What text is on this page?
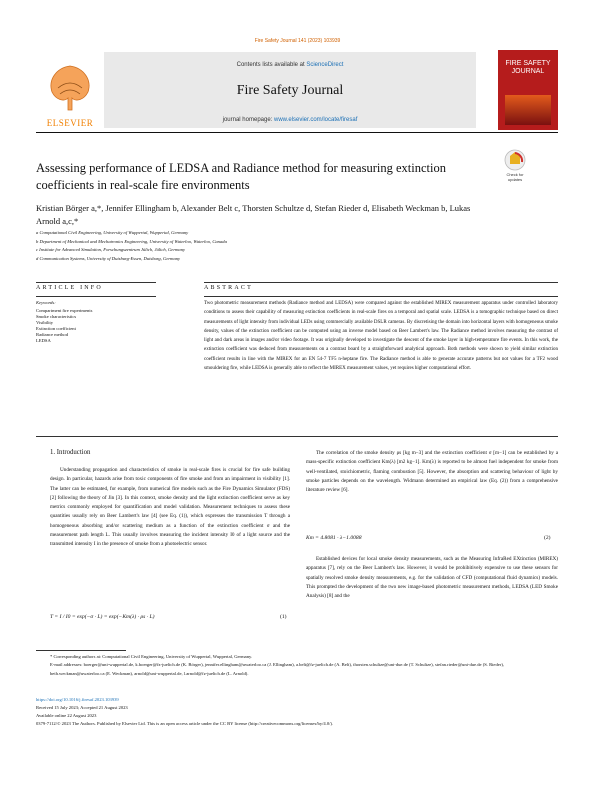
Fire Safety Journal 141 (2023) 103939
ELSEVIER
Contents lists available at ScienceDirect
Fire Safety Journal
journal homepage: www.elsevier.com/locate/firesaf
FIRE SAFETY JOURNAL
Assessing performance of LEDSA and Radiance method for measuring extinction coefficients in real-scale fire environments
Check for
updates
Kristian Börger a,*, Jennifer Ellingham b, Alexander Belt c, Thorsten Schultze d, Stefan Rieder d, Elisabeth Weckman b, Lukas Arnold a,c,*
a Computational Civil Engineering, University of Wuppertal, Wuppertal, Germany
b Department of Mechanical and Mechatronics Engineering, University of Waterloo, Waterloo, Canada
c Institute for Advanced Simulation, Forschungszentrum Jülich, Jülich, Germany
d Communication Systems, University of Duisburg-Essen, Duisburg, Germany
ARTICLE INFO	ABSTRACT
Keywords:
Compartment fire experiments
Smoke characteristics
Visibility
Extinction coefficient
Radiance method
LEDSA
Two photometric measurement methods (Radiance method and LEDSA) were compared against the established MIREX measurement apparatus under controlled laboratory conditions to assess their capability of measuring extinction coefficients in real-scale fires on a temporal and spatial scale. LEDSA is a tomographic technique based on direct measurements of light intensity from individual LEDs using commercially available DSLR cameras. By discretising the domain into horizontal layers with homogeneous smoke density, values of the extinction coefficient can be computed using an inverse model based on Beer Lambert's law. The Radiance method involves measuring the contrast of light and dark areas in images and/or video footage. It was originally developed to investigate the descent of the smoke layer in high-temperature fire events. In this work, the extinction coefficient was deduced from measurements on a contrast board by a straightforward analytical approach. Both methods were shown to yield similar extinction coefficient results in line with the MIREX for an EN 54-7 TF5 n-heptane fire. The Radiance method is able to generate accurate patterns but not values for a TF2 wood smouldering fire, while LEDSA is generally able to reflect the MIREX measurement values, yet requires higher computational effort.
1. Introduction
Understanding propagation and characteristics of smoke in real-scale fires is crucial for fire safe building design. In particular, hazards arise from toxic components of fire smoke and from an impairment in visibility [1]. The latter can be estimated, for example, from numerical fire models such as the Fire Dynamics Simulator (FDS) [2] following the theory of Jin [3]. In this context, smoke density and the light extinction coefficient serve as key metrics commonly employed for quantification and model validation. Measurement techniques to assess these quantities usually rely on Beer Lambert's law [4] (see Eq. (1)), which expresses the transmission T through a homogeneous absorbing and/or scattering medium as a function of the extinction coefficient σ and the measurement path length L. This usually involves measuring the incident intensity I0 of a light source and the transmitted intensity I in the presence of smoke from a photoelectric sensor.
T = I / I0 = exp(−σ · L) = exp(−Km(λ) · ρs · L)	(1)
The correlation of the smoke density ρs [kg m−3] and the extinction coefficient σ [m−1] can be established by a mass-specific extinction coefficient Km(λ) [m2 kg−1]. Km(λ) is reported to be almost fuel independent for smoke from well-ventilated, stoichiometric, flaming combustion [5]. However, the absorption and scattering behaviour of light by smoke particles depends on the wavelength. Widmann determined an empirical law (Eq. (2)) from a comprehensive literature review [6].
Km = 4.8081 · λ−1.0088	(2)
Established devices for local smoke density measurements, such as the Measuring InfraRed EXtinction (MIREX) apparatus [7], rely on the Beer Lambert's law. However, it would be prohibitively expensive to use these sensors for spatially resolved smoke density measurements, e.g. for the validation of CFD (computational fluid dynamics) models. This prompted the development of the two new image-based photometric measurement methods, LEDSA (LED Smoke Analysis) [8] and the
* Corresponding authors at: Computational Civil Engineering, University of Wuppertal, Wuppertal, Germany.
E-mail addresses: boerger@uni-wuppertal.de, k.boerger@fz-juelich.de (K. Börger), jennifer.ellingham@uwaterloo.ca (J. Ellingham), a.belt@fz-juelich.de (A. Belt), thorsten.schultze@uni-due.de (T. Schultze), stefan.rieder@uni-due.de (S. Rieder), beth.weckman@uwaterloo.ca (E. Weckman), arnold@uni-wuppertal.de, l.arnold@fz-juelich.de (L. Arnold).
https://doi.org/10.1016/j.firesaf.2023.103939
Received 15 July 2023; Accepted 21 August 2023
Available online 22 August 2023
0379-7112/© 2023 The Authors. Published by Elsevier Ltd. This is an open access article under the CC BY license (http://creativecommons.org/licenses/by/4.0/).
